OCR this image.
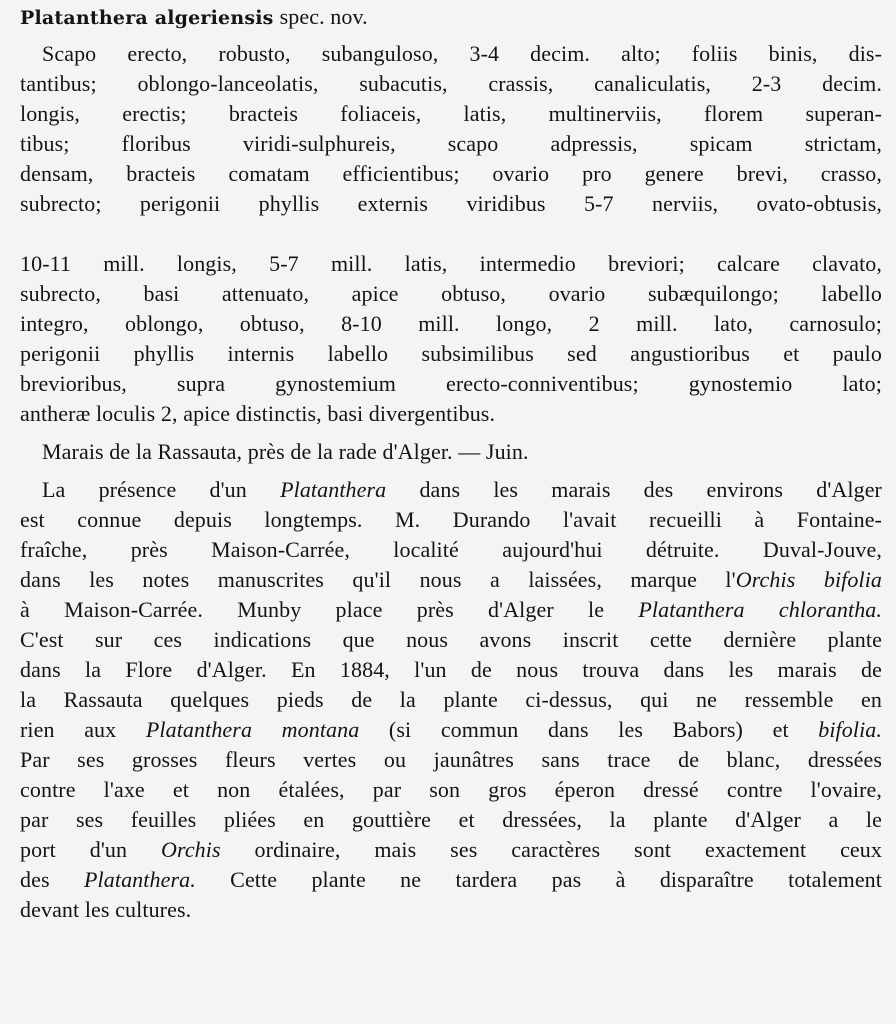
Platanthera algeriensis spec. nov.
Scapo erecto, robusto, subanguloso, 3-4 decim. alto; foliis binis, dis-
tantibus; oblongo-lanceolatis, subacutis, crassis, canaliculatis, 2-3 decim.
longis, erectis; bracteis foliaceis, latis, multinerviis, florem superan-
tibus; floribus viridi-sulphureis, scapo adpressis, spicam strictam,
densam, bracteis comatam efficientibus; ovario pro genere brevi, crasso,
subrecto; perigonii phyllis externis viridibus 5-7 nerviis, ovato-obtusis,
10-11 mill. longis, 5-7 mill. latis, intermedio breviori; calcare clavato,
subrecto, basi attenuato, apice obtuso, ovario subæquilongo; labello
integro, oblongo, obtuso, 8-10 mill. longo, 2 mill. lato, carnosulo;
perigonii phyllis internis labello subsimilibus sed angustioribus et paulo
brevioribus, supra gynostemium erecto-conniventibus; gynostemio lato;
antheræ loculis 2, apice distinctis, basi divergentibus.
Marais de la Rassauta, près de la rade d'Alger. — Juin.
La présence d'un Platanthera dans les marais des environs d'Alger
est connue depuis longtemps. M. Durando l'avait recueilli à Fontaine-
fraîche, près Maison-Carrée, localité aujourd'hui détruite. Duval-Jouve,
dans les notes manuscrites qu'il nous a laissées, marque l'Orchis bifolia
à Maison-Carrée. Munby place près d'Alger le Platanthera chlorantha.
C'est sur ces indications que nous avons inscrit cette dernière plante
dans la Flore d'Alger. En 1884, l'un de nous trouva dans les marais de
la Rassauta quelques pieds de la plante ci-dessus, qui ne ressemble en
rien aux Platanthera montana (si commun dans les Babors) et bifolia.
Par ses grosses fleurs vertes ou jaunâtres sans trace de blanc, dressées
contre l'axe et non étalées, par son gros éperon dressé contre l'ovaire,
par ses feuilles pliées en gouttière et dressées, la plante d'Alger a le
port d'un Orchis ordinaire, mais ses caractères sont exactement ceux
des Platanthera. Cette plante ne tardera pas à disparaître totalement
devant les cultures.
